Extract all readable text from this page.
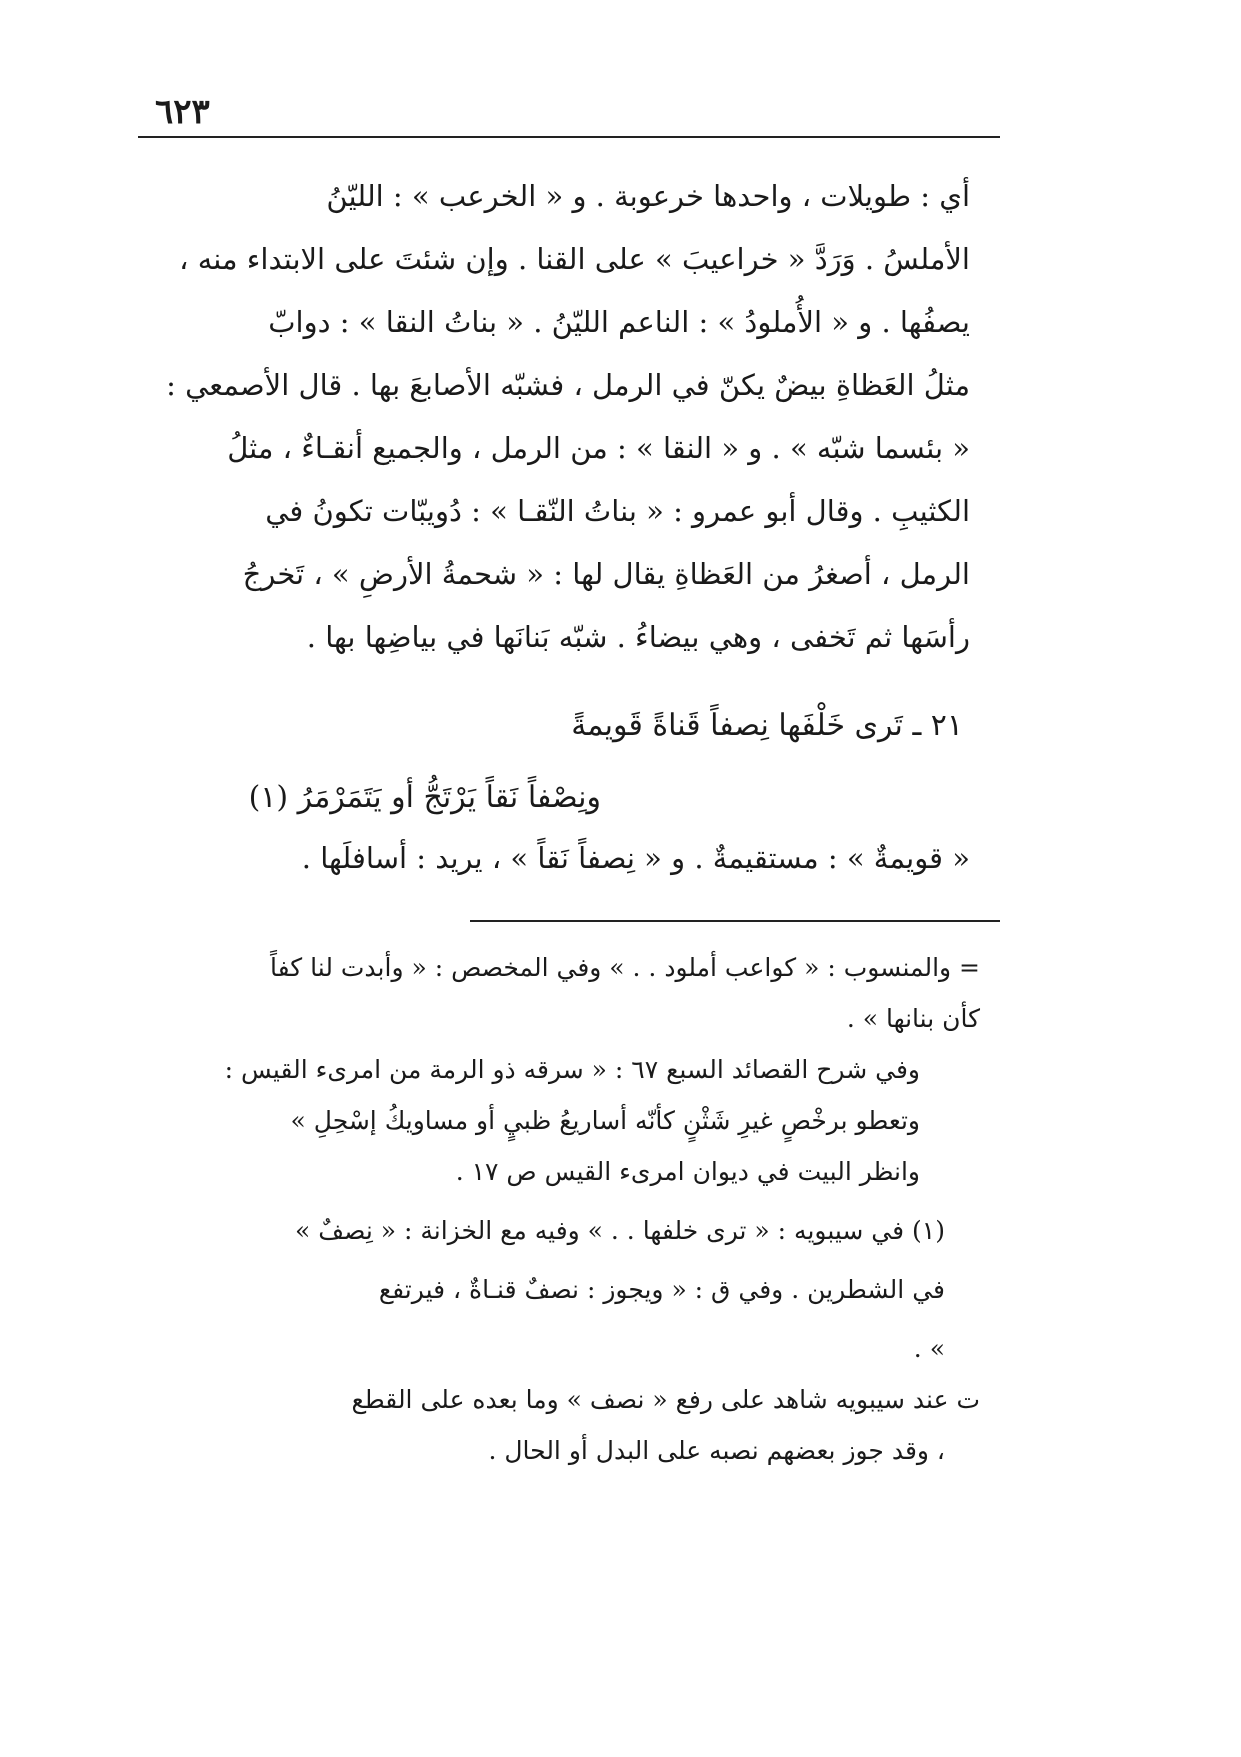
٦٢٣

أي : طويلات ، واحدها خرعوبة . و « الخرعب » : الليّنُ

الأملسُ . وَرَدَّ « خراعيبَ » على القنا . وإن شئتَ على الابتداء منه ،

يصفُها . و « الأُملودُ » : الناعم الليّنُ . « بناتُ النقا » : دوابّ

مثلُ العَظاةِ بيضٌ يكنّ في الرمل ، فشبّه الأصابعَ بها . قال الأصمعي :

« بئسما شبّه » . و « النقا » : من الرمل ، والجميع أنقـاءٌ ، مثلُ

الكثيبِ . وقال أبو عمرو : « بناتُ النّقـا » : دُويبّات تكونُ في

الرمل ، أصغرُ من العَظاةِ يقال لها : « شحمةُ الأرضِ » ، تَخرجُ

رأسَها ثم تَخفى ، وهي بيضاءُ . شبّه بَنانَها في بياضِها بها .

٢١ ـ تَرى خَلْفَها نِصفاً قَناةً قَويمةً
ونِصْفاً نَقاً يَرْتَجُّ أو يَتَمَرْمَرُ (١)
« قويمةٌ » : مستقيمةٌ . و « نِصفاً نَقاً » ، يريد : أسافلَها .

= والمنسوب : « كواعب أملود . . » وفي المخصص : « وأبدت لنا كفاً

كأن بنانها » .

وفي شرح القصائد السبع ٦٧ : « سرقه ذو الرمة من امرىء القيس :

وتعطو برخْصٍ غيرِ شَثْنٍ كأنّه أساريعُ ظبيٍ أو مساويكُ إسْحِلِ »

وانظر البيت في ديوان امرىء القيس ص ١٧ .

(١) في سيبويه : « ترى خلفها . . » وفيه مع الخزانة : « نِصفٌ »

في الشطرين . وفي ق : « ويجوز : نصفٌ قنـاةٌ ، فيرتفع

» .

ت عند سيبويه شاهد على رفع « نصف » وما بعده على القطع

، وقد جوز بعضهم نصبه على البدل أو الحال .
